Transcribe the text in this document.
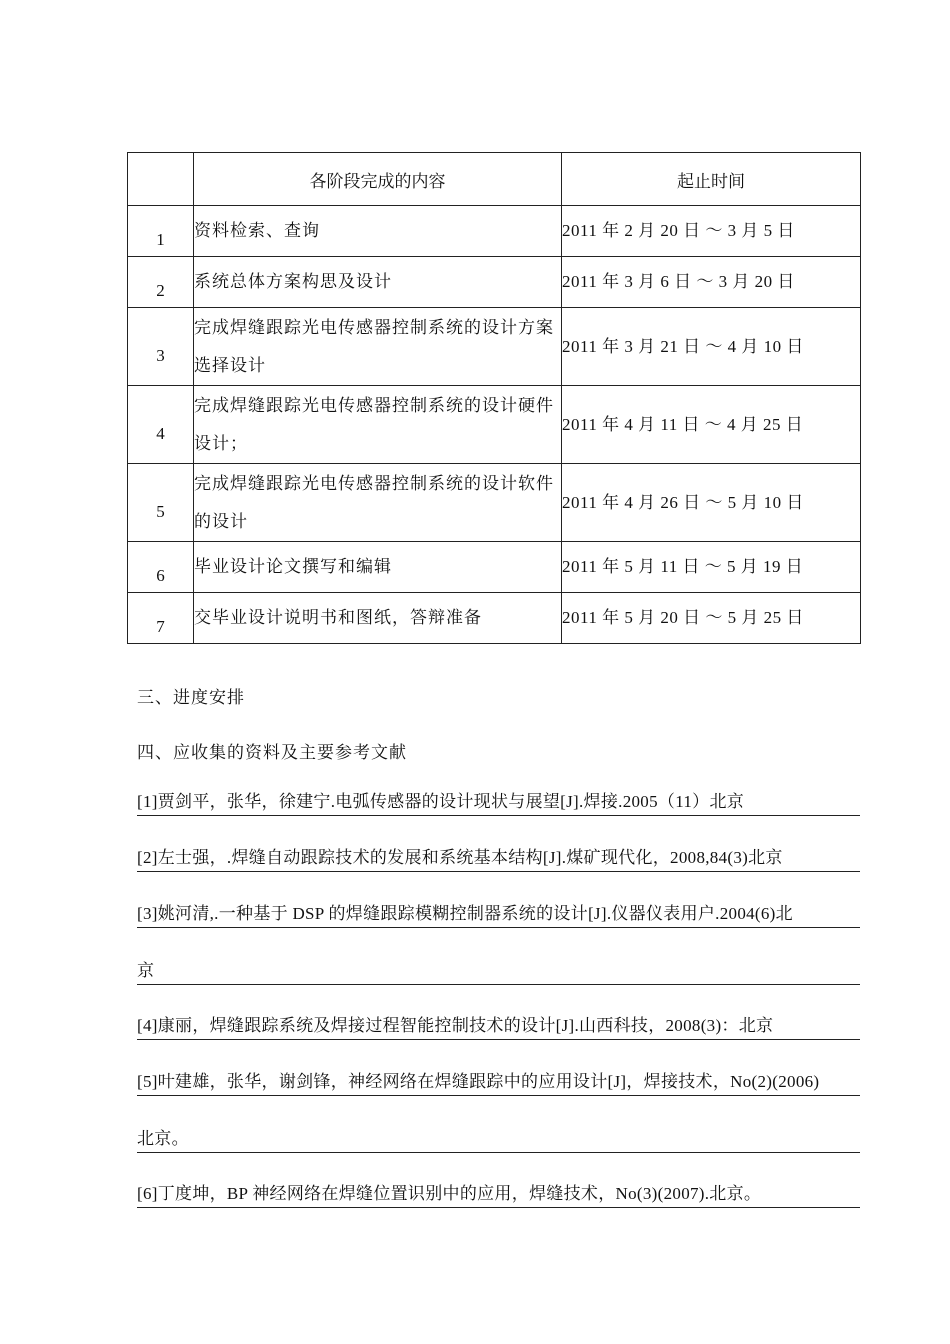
	各阶段完成的内容	起止时间

1	资料检索、查询	2011 年 2 月 20 日 ～ 3 月 5 日

2	系统总体方案构思及设计	2011 年 3 月 6 日 ～ 3 月 20 日

3	完成焊缝跟踪光电传感器控制系统的设计方案选择设计	2011 年 3 月 21 日 ～ 4 月 10 日

4	完成焊缝跟踪光电传感器控制系统的设计硬件设计；	2011 年 4 月 11 日 ～ 4 月 25 日

5	完成焊缝跟踪光电传感器控制系统的设计软件的设计	2011 年 4 月 26 日 ～ 5 月 10 日

6	毕业设计论文撰写和编辑	2011 年 5 月 11 日 ～ 5 月 19 日

7	交毕业设计说明书和图纸，答辩准备	2011 年 5 月 20 日 ～ 5 月 25 日
三、进度安排
四、应收集的资料及主要参考文献
[1]贾剑平，张华，徐建宁.电弧传感器的设计现状与展望[J].焊接.2005（11）北京
[2]左士强，.焊缝自动跟踪技术的发展和系统基本结构[J].煤矿现代化，2008,84(3)北京
[3]姚河清,.一种基于 DSP 的焊缝跟踪模糊控制器系统的设计[J].仪器仪表用户.2004(6)北
京
[4]康丽，焊缝跟踪系统及焊接过程智能控制技术的设计[J].山西科技，2008(3)：北京
[5]叶建雄，张华，谢剑锋，神经网络在焊缝跟踪中的应用设计[J]，焊接技术，No(2)(2006)
北京。
[6]丁度坤，BP 神经网络在焊缝位置识别中的应用，焊缝技术，No(3)(2007).北京。
